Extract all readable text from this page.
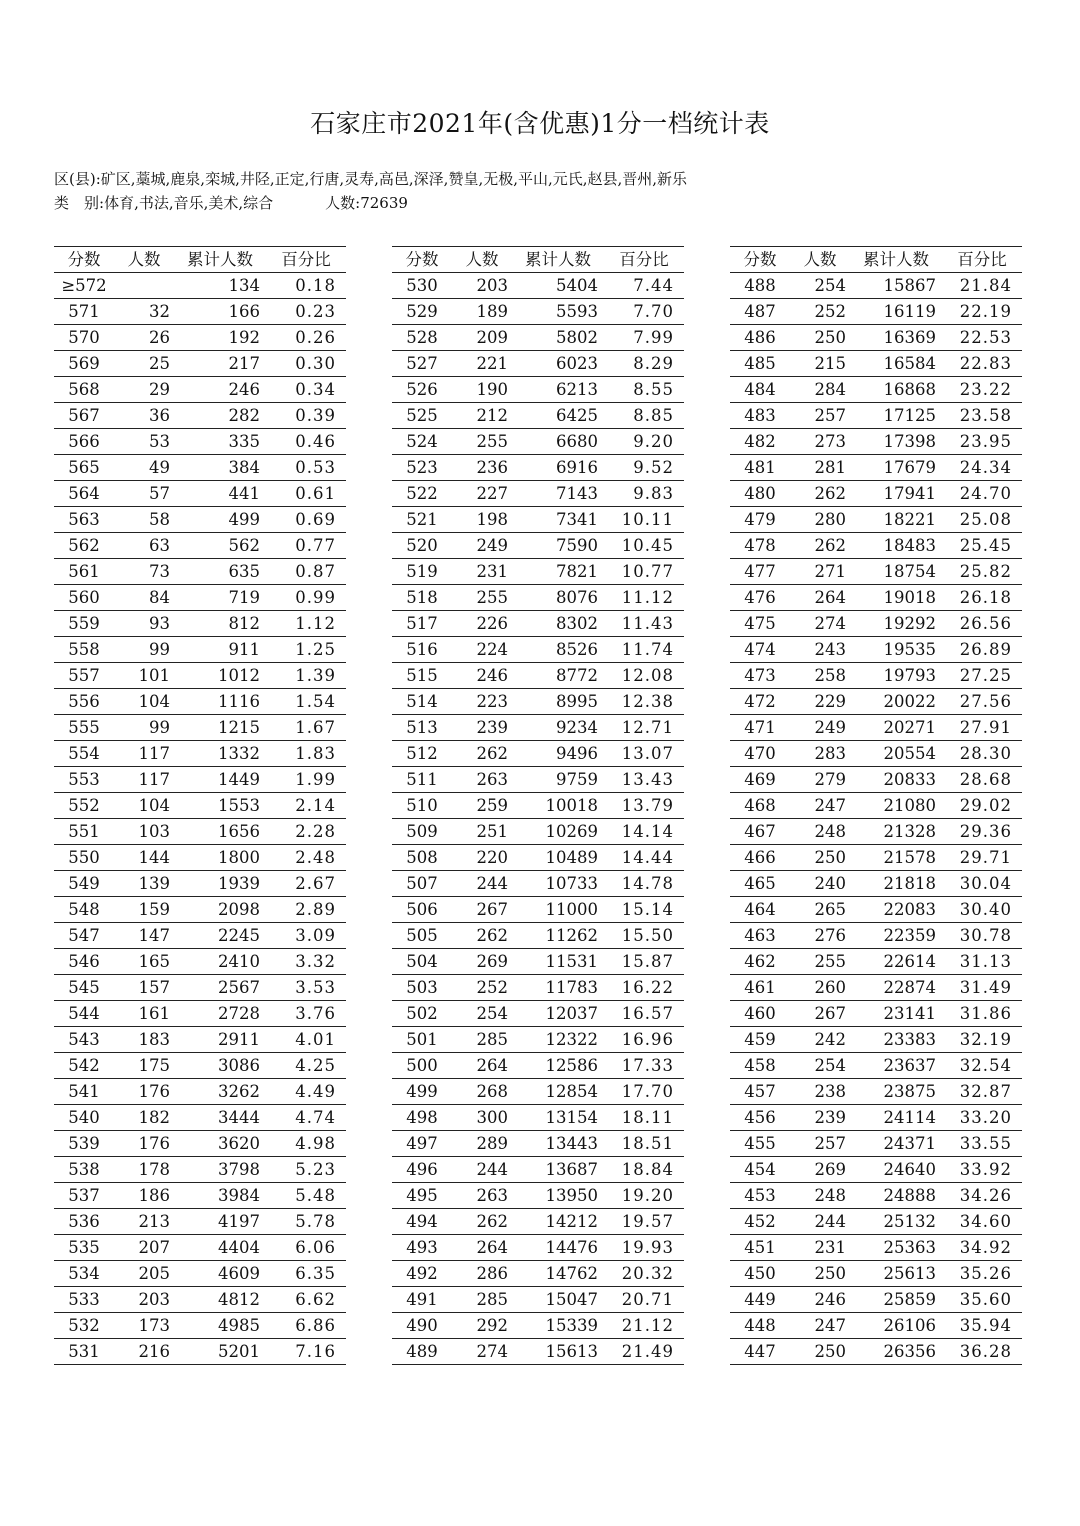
石家庄市2021年(含优惠)1分一档统计表
区(县):矿区,藁城,鹿泉,栾城,井陉,正定,行唐,灵寿,高邑,深泽,赞皇,无极,平山,元氏,赵县,晋州,新乐
类　别:体育,书法,音乐,美术,综合	人数:72639
分数	人数	累计人数	百分比
≥572		134	0.18
571	32	166	0.23
570	26	192	0.26
569	25	217	0.30
568	29	246	0.34
567	36	282	0.39
566	53	335	0.46
565	49	384	0.53
564	57	441	0.61
563	58	499	0.69
562	63	562	0.77
561	73	635	0.87
560	84	719	0.99
559	93	812	1.12
558	99	911	1.25
557	101	1012	1.39
556	104	1116	1.54
555	99	1215	1.67
554	117	1332	1.83
553	117	1449	1.99
552	104	1553	2.14
551	103	1656	2.28
550	144	1800	2.48
549	139	1939	2.67
548	159	2098	2.89
547	147	2245	3.09
546	165	2410	3.32
545	157	2567	3.53
544	161	2728	3.76
543	183	2911	4.01
542	175	3086	4.25
541	176	3262	4.49
540	182	3444	4.74
539	176	3620	4.98
538	178	3798	5.23
537	186	3984	5.48
536	213	4197	5.78
535	207	4404	6.06
534	205	4609	6.35
533	203	4812	6.62
532	173	4985	6.86
531	216	5201	7.16
分数	人数	累计人数	百分比
530	203	5404	7.44
529	189	5593	7.70
528	209	5802	7.99
527	221	6023	8.29
526	190	6213	8.55
525	212	6425	8.85
524	255	6680	9.20
523	236	6916	9.52
522	227	7143	9.83
521	198	7341	10.11
520	249	7590	10.45
519	231	7821	10.77
518	255	8076	11.12
517	226	8302	11.43
516	224	8526	11.74
515	246	8772	12.08
514	223	8995	12.38
513	239	9234	12.71
512	262	9496	13.07
511	263	9759	13.43
510	259	10018	13.79
509	251	10269	14.14
508	220	10489	14.44
507	244	10733	14.78
506	267	11000	15.14
505	262	11262	15.50
504	269	11531	15.87
503	252	11783	16.22
502	254	12037	16.57
501	285	12322	16.96
500	264	12586	17.33
499	268	12854	17.70
498	300	13154	18.11
497	289	13443	18.51
496	244	13687	18.84
495	263	13950	19.20
494	262	14212	19.57
493	264	14476	19.93
492	286	14762	20.32
491	285	15047	20.71
490	292	15339	21.12
489	274	15613	21.49
分数	人数	累计人数	百分比
488	254	15867	21.84
487	252	16119	22.19
486	250	16369	22.53
485	215	16584	22.83
484	284	16868	23.22
483	257	17125	23.58
482	273	17398	23.95
481	281	17679	24.34
480	262	17941	24.70
479	280	18221	25.08
478	262	18483	25.45
477	271	18754	25.82
476	264	19018	26.18
475	274	19292	26.56
474	243	19535	26.89
473	258	19793	27.25
472	229	20022	27.56
471	249	20271	27.91
470	283	20554	28.30
469	279	20833	28.68
468	247	21080	29.02
467	248	21328	29.36
466	250	21578	29.71
465	240	21818	30.04
464	265	22083	30.40
463	276	22359	30.78
462	255	22614	31.13
461	260	22874	31.49
460	267	23141	31.86
459	242	23383	32.19
458	254	23637	32.54
457	238	23875	32.87
456	239	24114	33.20
455	257	24371	33.55
454	269	24640	33.92
453	248	24888	34.26
452	244	25132	34.60
451	231	25363	34.92
450	250	25613	35.26
449	246	25859	35.60
448	247	26106	35.94
447	250	26356	36.28
